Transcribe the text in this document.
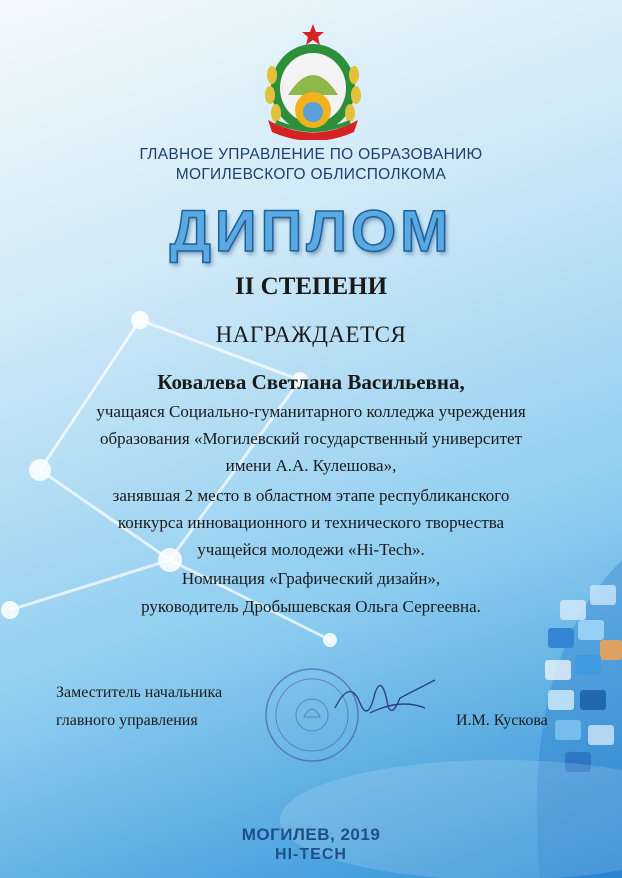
ГЛАВНОЕ УПРАВЛЕНИЕ ПО ОБРАЗОВАНИЮ
МОГИЛЕВСКОГО ОБЛИСПОЛКОМА
ДИПЛОМ
II СТЕПЕНИ
НАГРАЖДАЕТСЯ
Ковалева Светлана Васильевна,
учащаяся Социально-гуманитарного колледжа учреждения
образования «Могилевский государственный университет
имени А.А. Кулешова»,
занявшая 2 место в областном этапе республиканского
конкурса инновационного и технического творчества
учащейся молодежи «Hi-Tech».
Номинация «Графический дизайн»,
руководитель Дробышевская Ольга Сергеевна.
Заместитель начальника
главного управления	И.М. Кускова
МОГИЛЕВ, 2019
HI-TECH
